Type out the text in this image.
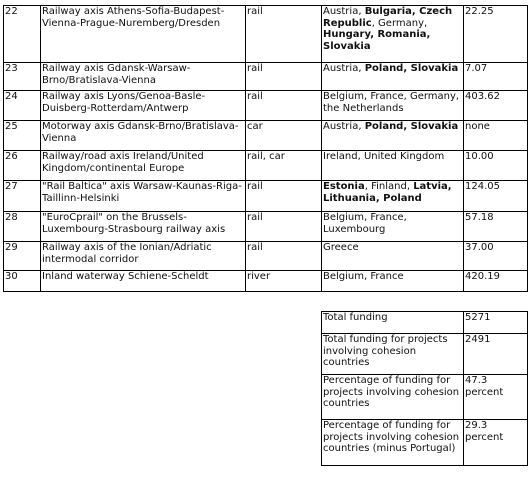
22	Railway axis Athens-Sofia-Budapest-Vienna-Prague-Nuremberg/Dresden	rail	Austria, Bulgaria, Czech Republic, Germany, Hungary, Romania, Slovakia	22.25
23	Railway axis Gdansk-Warsaw-Brno/Bratislava-Vienna	rail	Austria, Poland, Slovakia	7.07
24	Railway axis Lyons/Genoa-Basle-Duisberg-Rotterdam/Antwerp	rail	Belgium, France, Germany, the Netherlands	403.62
25	Motorway axis Gdansk-Brno/Bratislava-Vienna	car	Austria, Poland, Slovakia	none
26	Railway/road axis Ireland/United Kingdom/continental Europe	rail, car	Ireland, United Kingdom	10.00
27	"Rail Baltica" axis Warsaw-Kaunas-Riga-Taillinn-Helsinki	rail	Estonia, Finland, Latvia, Lithuania, Poland	124.05
28	"EuroCprail" on the Brussels-Luxembourg-Strasbourg railway axis	rail	Belgium, France, Luxembourg	57.18
29	Railway axis of the Ionian/Adriatic intermodal corridor	rail	Greece	37.00
30	Inland waterway Schiene-Scheldt	river	Belgium, France	420.19
Total funding	5271
Total funding for projects involving cohesion countries	2491
Percentage of funding for projects involving cohesion countries	47.3 percent
Percentage of funding for projects involving cohesion countries (minus Portugal)	29.3 percent
